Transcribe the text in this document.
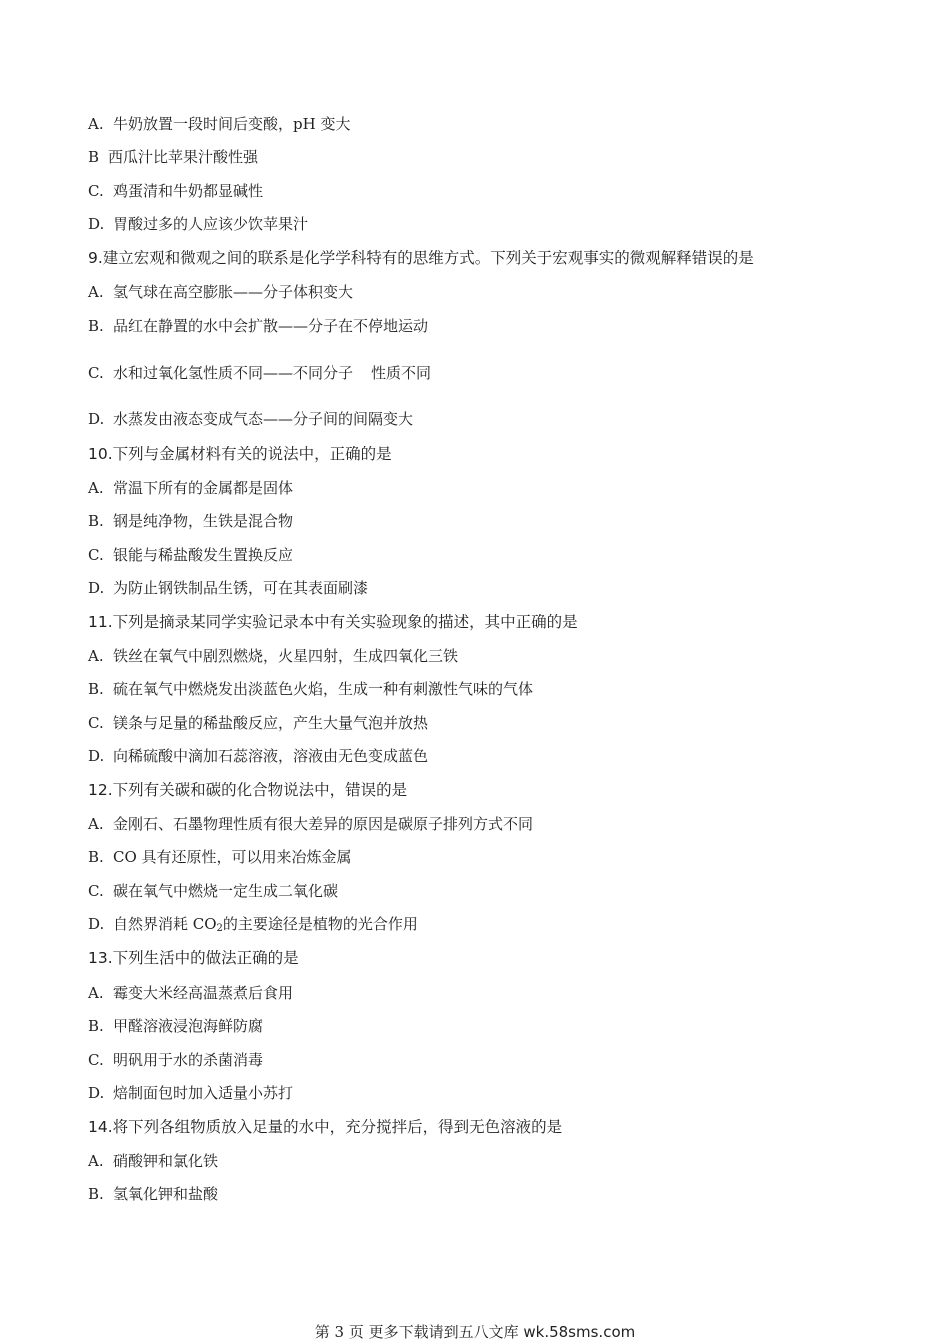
A. 牛奶放置一段时间后变酸，pH 变大
B 西瓜汁比苹果汁酸性强
C. 鸡蛋清和牛奶都显碱性
D. 胃酸过多的人应该少饮苹果汁
9.建立宏观和微观之间的联系是化学学科特有的思维方式。下列关于宏观事实的微观解释错误的是
A. 氢气球在高空膨胀——分子体积变大
B. 品红在静置的水中会扩散——分子在不停地运动
C. 水和过氧化氢性质不同——不同分子 性质不同
D. 水蒸发由液态变成气态——分子间的间隔变大
10.下列与金属材料有关的说法中，正确的是
A. 常温下所有的金属都是固体
B. 钢是纯净物，生铁是混合物
C. 银能与稀盐酸发生置换反应
D. 为防止钢铁制品生锈，可在其表面刷漆
11.下列是摘录某同学实验记录本中有关实验现象的描述，其中正确的是
A. 铁丝在氧气中剧烈燃烧，火星四射，生成四氧化三铁
B. 硫在氧气中燃烧发出淡蓝色火焰，生成一种有刺激性气味的气体
C. 镁条与足量的稀盐酸反应，产生大量气泡并放热
D. 向稀硫酸中滴加石蕊溶液，溶液由无色变成蓝色
12.下列有关碳和碳的化合物说法中，错误的是
A. 金刚石、石墨物理性质有很大差异的原因是碳原子排列方式不同
B. CO 具有还原性，可以用来冶炼金属
C. 碳在氧气中燃烧一定生成二氧化碳
D. 自然界消耗 $CO_2$的主要途径是植物的光合作用
13.下列生活中的做法正确的是
A. 霉变大米经高温蒸煮后食用
B. 甲醛溶液浸泡海鲜防腐
C. 明矾用于水的杀菌消毒
D. 焙制面包时加入适量小苏打
14.将下列各组物质放入足量的水中，充分搅拌后，得到无色溶液的是
A. 硝酸钾和氯化铁
B. 氢氧化钾和盐酸
第 3 页 更多下载请到五八文库 wk.58sms.com
